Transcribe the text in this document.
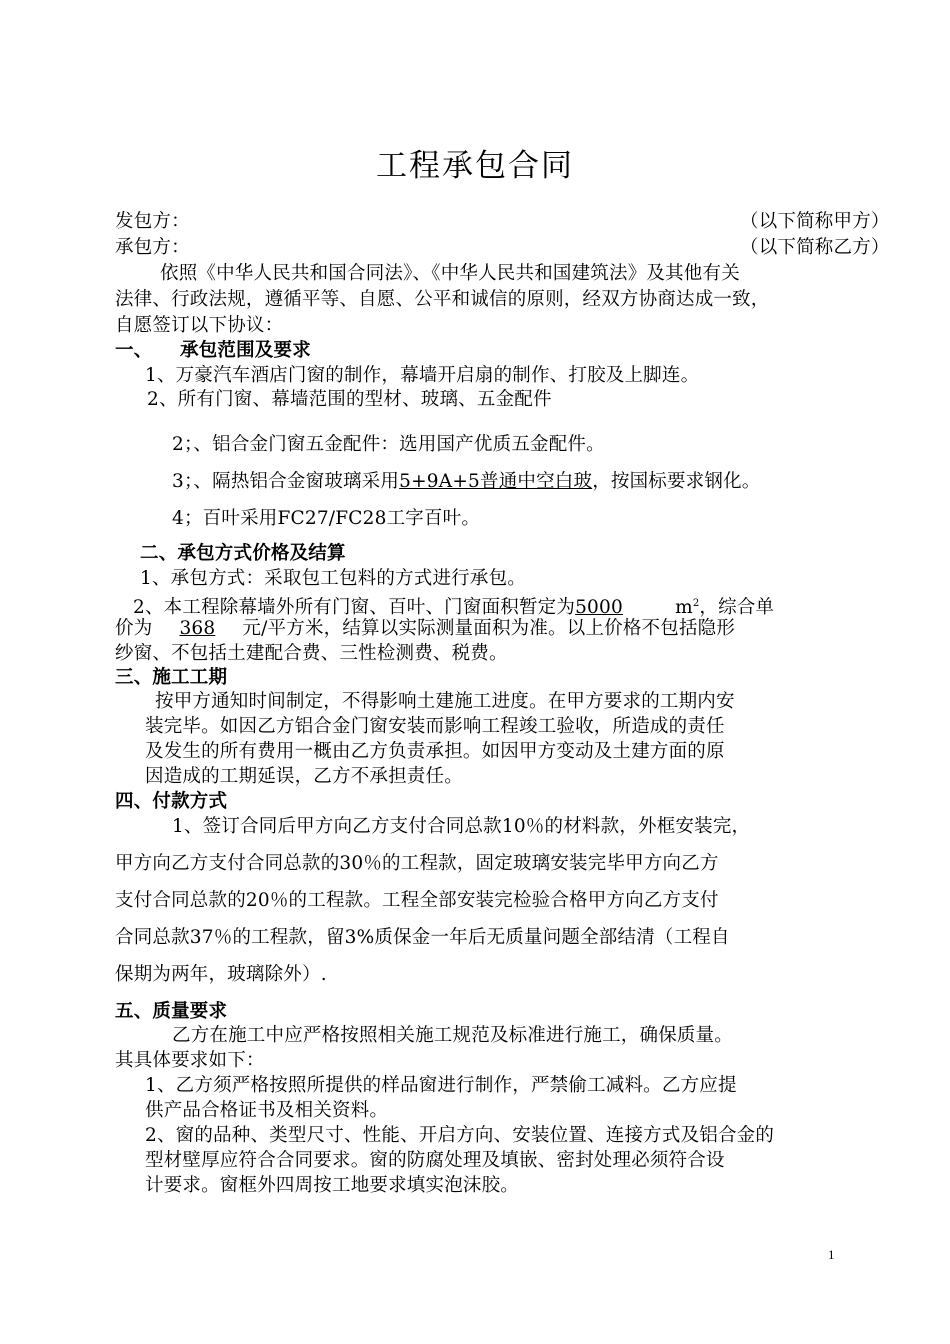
工程承包合同
发包方：	（以下简称甲方）
承包方：	（以下简称乙方）
依照《中华人民共和国合同法》、《中华人民共和国建筑法》及其他有关
法律、行政法规，遵循平等、自愿、公平和诚信的原则，经双方协商达成一致，
自愿签订以下协议：
一、 承包范围及要求
1、万豪汽车酒店门窗的制作，幕墙开启扇的制作、打胶及上脚连。
2、所有门窗、幕墙范围的型材、玻璃、五金配件
2；、铝合金门窗五金配件：选用国产优质五金配件。
3；、隔热铝合金窗玻璃采用5+9A+5普通中空白玻，按国标要求钢化。
4；百叶采用FC27/FC28工字百叶。
二、承包方式价格及结算
1、承包方式：采取包工包料的方式进行承包。
2、本工程除幕墙外所有门窗、百叶、门窗面积暂定为5000	$m^2$，综合单
价为 368 元/平方米，结算以实际测量面积为准。以上价格不包括隐形
纱窗、不包括土建配合费、三性检测费、税费。
三、施工工期
按甲方通知时间制定，不得影响土建施工进度。在甲方要求的工期内安
装完毕。如因乙方铝合金门窗安装而影响工程竣工验收，所造成的责任
及发生的所有费用一概由乙方负责承担。如因甲方变动及土建方面的原
因造成的工期延误，乙方不承担责任。
四、付款方式
1、签订合同后甲方向乙方支付合同总款10％的材料款，外框安装完，
甲方向乙方支付合同总款的30％的工程款，固定玻璃安装完毕甲方向乙方
支付合同总款的20％的工程款。工程全部安装完检验合格甲方向乙方支付
合同总款37％的工程款，留3%质保金一年后无质量问题全部结清（工程自
保期为两年，玻璃除外）.
五、质量要求
乙方在施工中应严格按照相关施工规范及标准进行施工，确保质量。
其具体要求如下：
1、乙方须严格按照所提供的样品窗进行制作，严禁偷工减料。乙方应提
供产品合格证书及相关资料。
2、窗的品种、类型尺寸、性能、开启方向、安装位置、连接方式及铝合金的
型材壁厚应符合合同要求。窗的防腐处理及填嵌、密封处理必须符合设
计要求。窗框外四周按工地要求填实泡沫胶。
1
